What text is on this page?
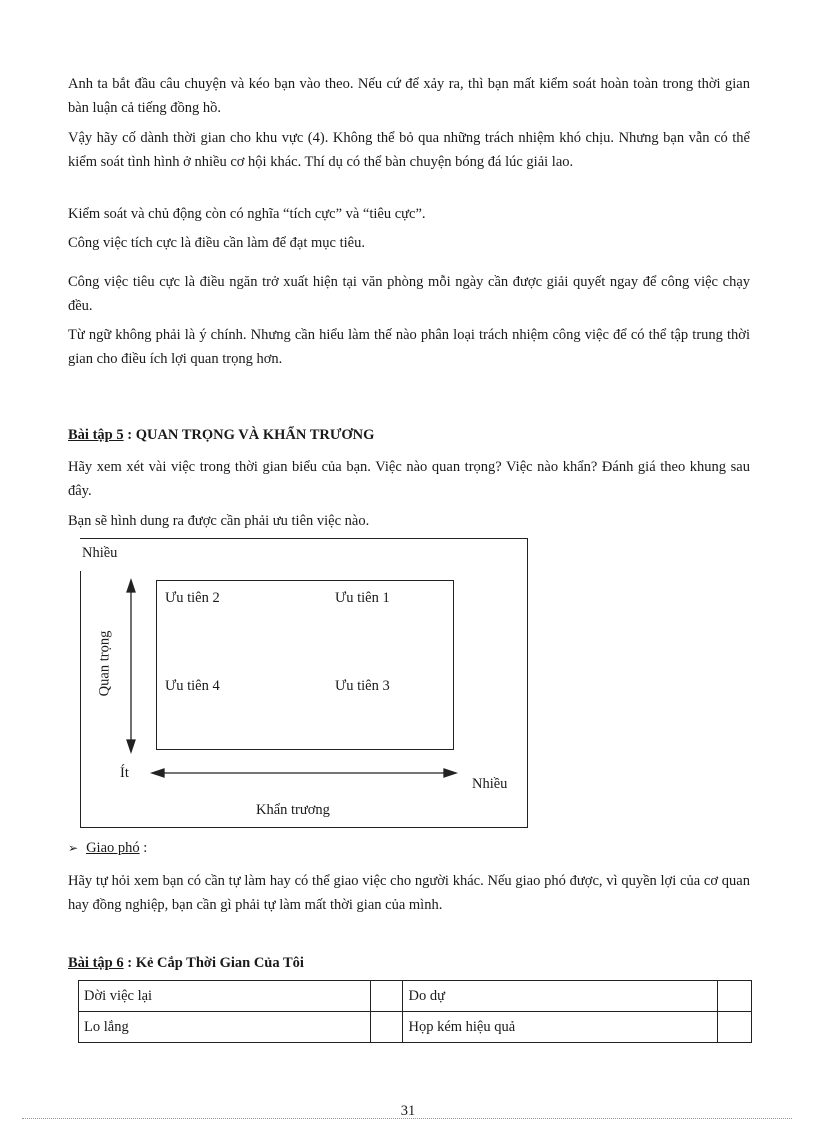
Anh ta bắt đầu câu chuyện và kéo bạn vào theo. Nếu cứ để xảy ra, thì bạn mất kiểm soát hoàn toàn trong thời gian bàn luận cả tiếng đồng hồ.
Vậy hãy cố dành thời gian cho khu vực (4). Không thể bỏ qua những trách nhiệm khó chịu. Nhưng bạn vẫn có thể kiểm soát tình hình ở nhiều cơ hội khác. Thí dụ có thể bàn chuyện bóng đá lúc giải lao.
Kiểm soát và chủ động còn có nghĩa “tích cực” và “tiêu cực”.
Công việc tích cực là điều cần làm để đạt mục tiêu.
Công việc tiêu cực là điều ngăn trở xuất hiện tại văn phòng mỗi ngày cần được giải quyết ngay để công việc chạy đều.
Từ ngữ không phải là ý chính. Nhưng cần hiểu làm thế nào phân loại trách nhiệm công việc để có thể tập trung thời gian cho điều ích lợi quan trọng hơn.
Bài tập 5 : QUAN TRỌNG VÀ KHẨN TRƯƠNG
Hãy xem xét vài việc trong thời gian biểu của bạn. Việc nào quan trọng? Việc nào khẩn? Đánh giá theo khung sau đây.
Bạn sẽ hình dung ra được cần phải ưu tiên việc nào.
Nhiều
Ưu tiên 2	Ưu tiên 1
Ưu tiên 4	Ưu tiên 3
Quan trọng
Ít
Nhiều
Khẩn trương
➢ Giao phó :
Hãy tự hỏi xem bạn có cần tự làm hay có thể giao việc cho người khác. Nếu giao phó được, vì quyền lợi của cơ quan hay đồng nghiệp, bạn cần gì phải tự làm mất thời gian của mình.
Bài tập 6 : Kẻ Cắp Thời Gian Của Tôi
Dời việc lại		Do dự	
Lo lắng		Họp kém hiệu quả	
31
